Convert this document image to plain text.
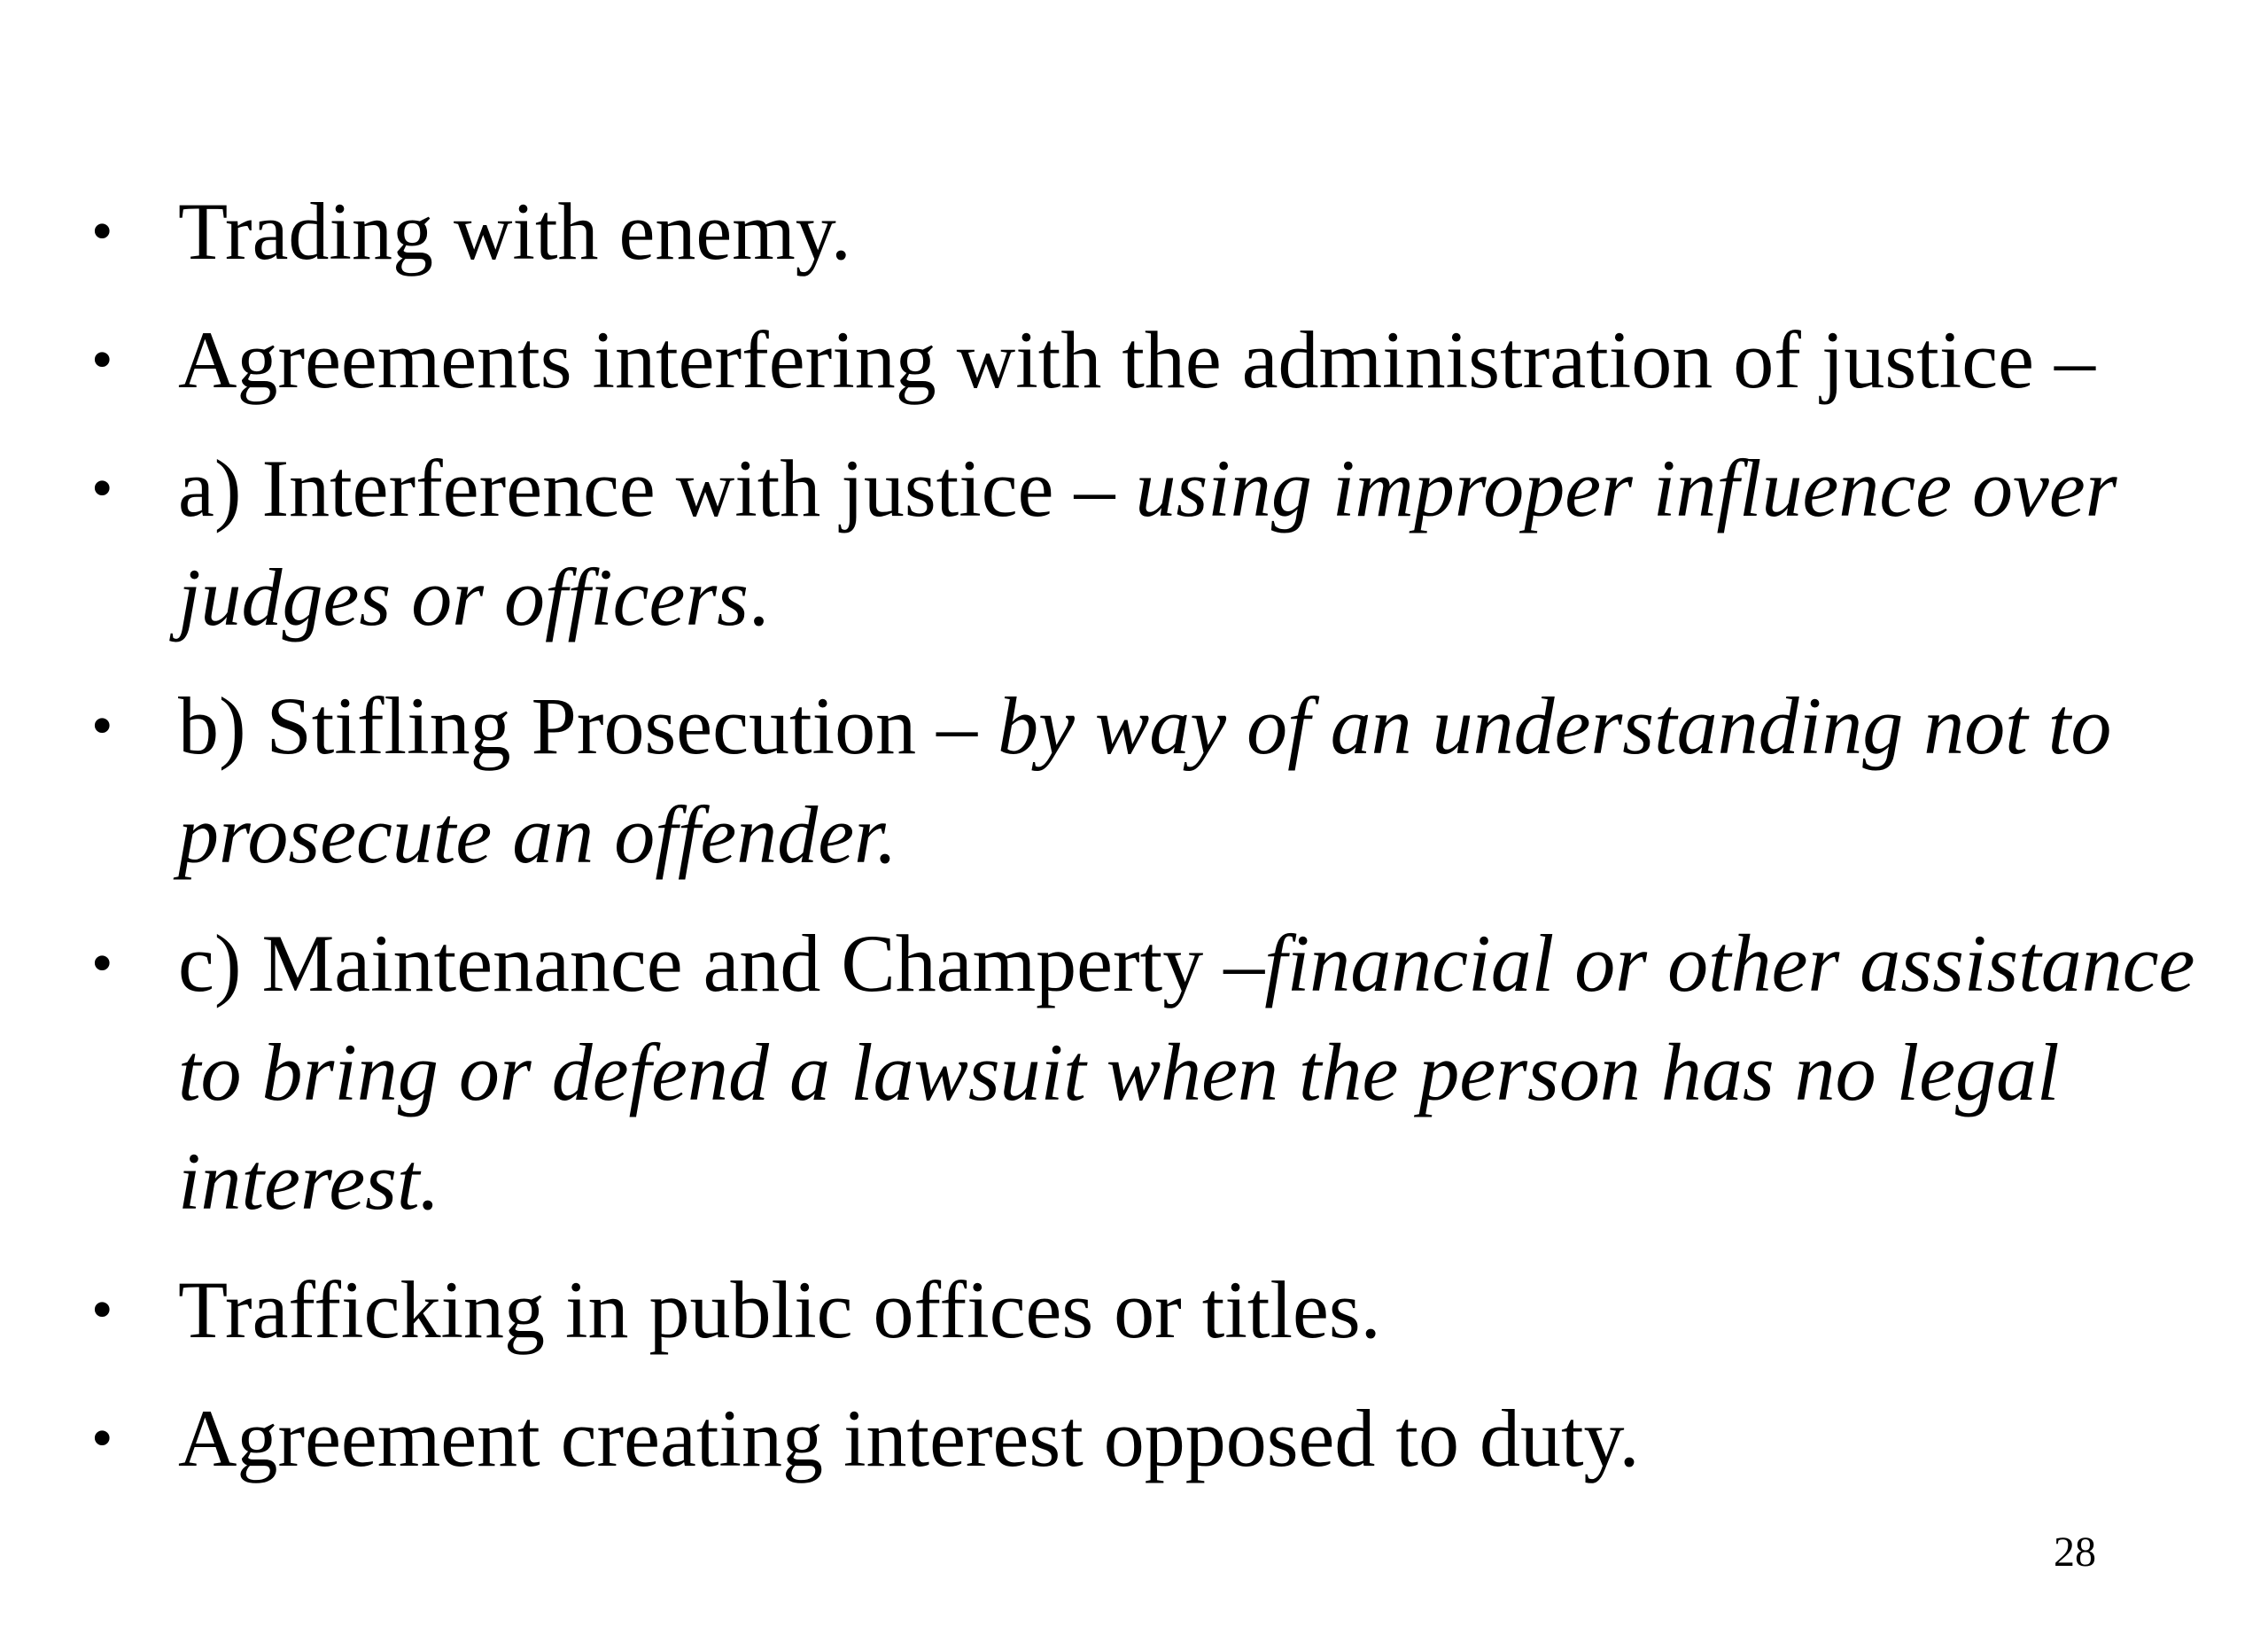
• Trading with enemy.
• Agreements interfering with the administration of justice –
• a) Interference with justice – using improper influence over judges or officers.
• b) Stifling Prosecution – by way of an understanding not to prosecute an offender.
• c) Maintenance and Champerty –financial or other assistance to bring or defend a lawsuit when the person has no legal interest.
• Trafficking in public offices or titles.
• Agreement creating interest opposed to duty.
28
